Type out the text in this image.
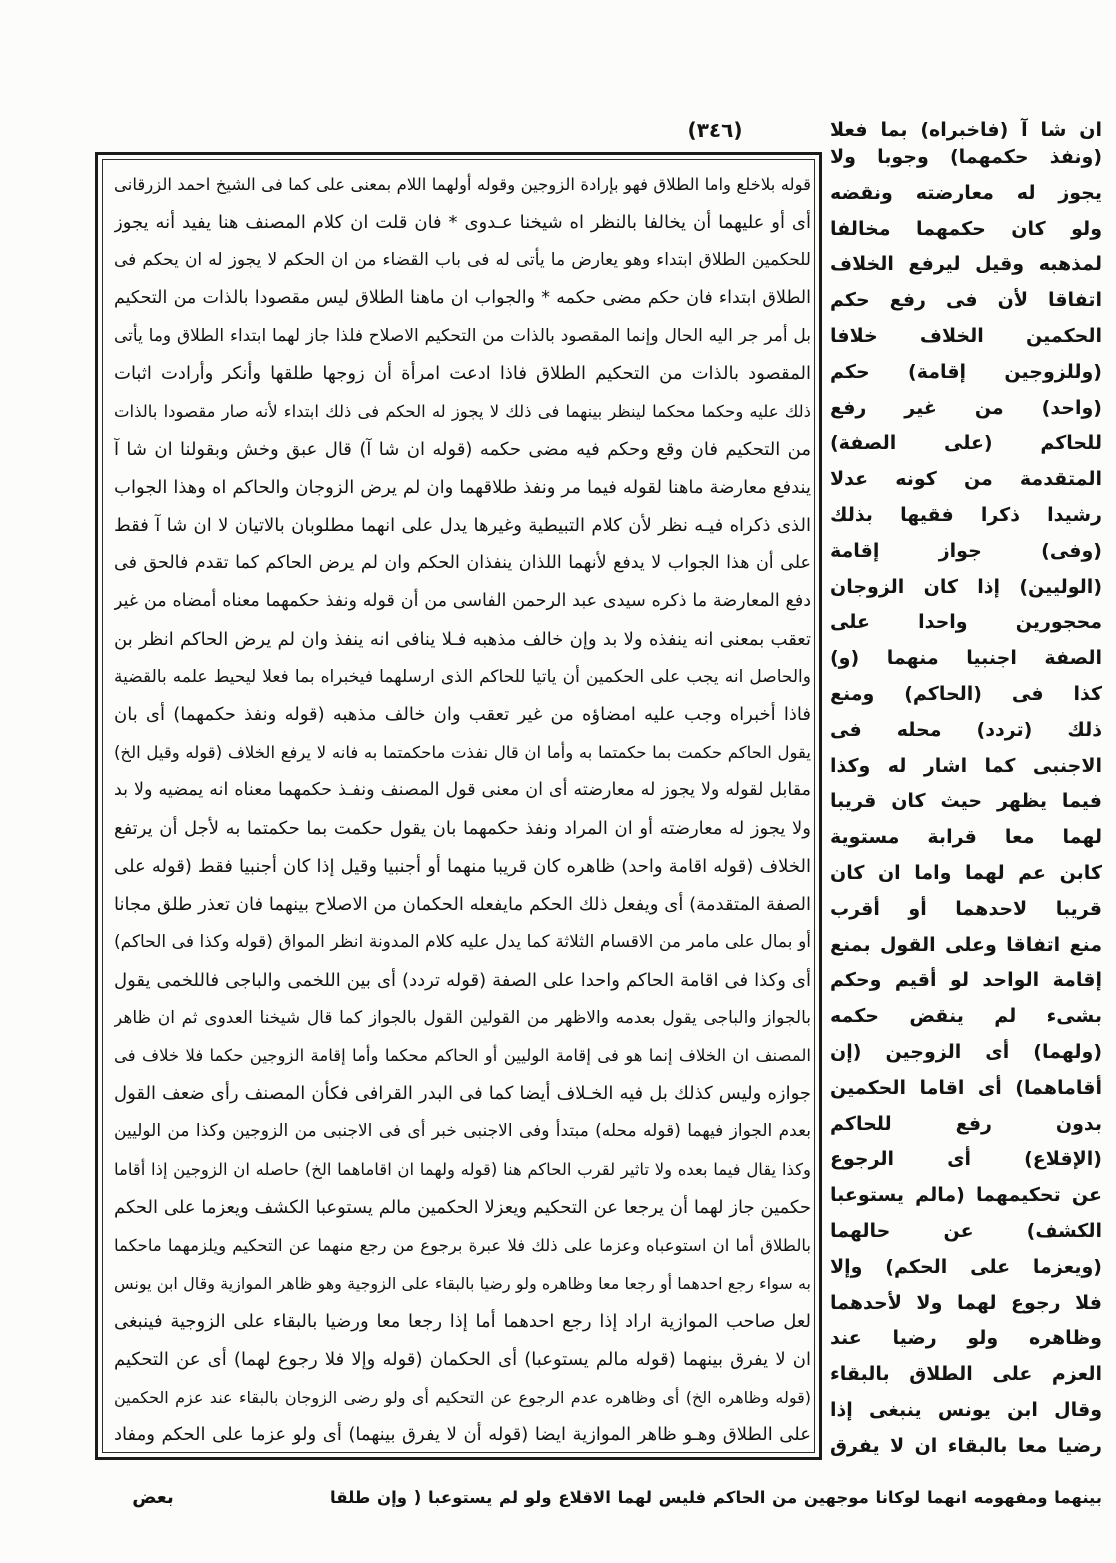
ان شا آ (فاخبراه) بما فعلا
(٣٤٦)
قوله بلاخلع واما الطلاق فهو بإرادة الزوجين وقوله أولهما اللام بمعنى على كما فى الشيخ احمد الزرقانى
أى أو عليهما أن يخالفا بالنظر اه شيخنا عـدوى * فان قلت ان كلام المصنف هنا يفيد أنه يجوز
للحكمين الطلاق ابتداء وهو يعارض ما يأتى له فى باب القضاء من ان الحكم لا يجوز له ان يحكم فى
الطلاق ابتداء فان حكم مضى حكمه * والجواب ان ماهنا الطلاق ليس مقصودا بالذات من التحكيم
بل أمر جر اليه الحال وإنما المقصود بالذات من التحكيم الاصلاح فلذا جاز لهما ابتداء الطلاق وما يأتى
المقصود بالذات من التحكيم الطلاق فاذا ادعت امرأة أن زوجها طلقها وأنكر وأرادت اثبات
ذلك عليه وحكما محكما لينظر بينهما فى ذلك لا يجوز له الحكم فى ذلك ابتداء لأنه صار مقصودا بالذات
من التحكيم فان وقع وحكم فيه مضى حكمه (قوله ان شا آ) قال عبق وخش وبقولنا ان شا آ
يندفع معارضة ماهنا لقوله فيما مر ونفذ طلاقهما وان لم يرض الزوجان والحاكم اه وهذا الجواب
الذى ذكراه فيـه نظر لأن كلام التبيطية وغيرها يدل على انهما مطلوبان بالاتيان لا ان شا آ فقط
على أن هذا الجواب لا يدفع لأنهما اللذان ينفذان الحكم وان لم يرض الحاكم كما تقدم فالحق فى
دفع المعارضة ما ذكره سيدى عبد الرحمن الفاسى من أن قوله ونفذ حكمهما معناه أمضاه من غير
تعقب بمعنى انه ينفذه ولا بد وإن خالف مذهبه فـلا ينافى انه ينفذ وان لم يرض الحاكم انظر بن
والحاصل انه يجب على الحكمين أن ياتيا للحاكم الذى ارسلهما فيخبراه بما فعلا ليحيط علمه بالقضية
فاذا أخبراه وجب عليه امضاؤه من غير تعقب وان خالف مذهبه (قوله ونفذ حكمهما) أى بان
يقول الحاكم حكمت بما حكمتما به وأما ان قال نفذت ماحكمتما به فانه لا يرفع الخلاف (قوله وقيل الخ)
مقابل لقوله ولا يجوز له معارضته أى ان معنى قول المصنف ونفـذ حكمهما معناه انه يمضيه ولا بد
ولا يجوز له معارضته أو ان المراد ونفذ حكمهما بان يقول حكمت بما حكمتما به لأجل أن يرتفع
الخلاف (قوله اقامة واحد) ظاهره كان قريبا منهما أو أجنبيا وقيل إذا كان أجنبيا فقط (قوله على
الصفة المتقدمة) أى ويفعل ذلك الحكم مايفعله الحكمان من الاصلاح بينهما فان تعذر طلق مجانا
أو بمال على مامر من الاقسام الثلاثة كما يدل عليه كلام المدونة انظر المواق (قوله وكذا فى الحاكم)
أى وكذا فى اقامة الحاكم واحدا على الصفة (قوله تردد) أى بين اللخمى والباجى فاللخمى يقول
بالجواز والباجى يقول بعدمه والاظهر من القولين القول بالجواز كما قال شيخنا العدوى ثم ان ظاهر
المصنف ان الخلاف إنما هو فى إقامة الوليين أو الحاكم محكما وأما إقامة الزوجين حكما فلا خلاف فى
جوازه وليس كذلك بل فيه الخـلاف أيضا كما فى البدر القرافى فكأن المصنف رأى ضعف القول
بعدم الجواز فيهما (قوله محله) مبتدأ وفى الاجنبى خبر أى فى الاجنبى من الزوجين وكذا من الوليين
وكذا يقال فيما بعده ولا تاثير لقرب الحاكم هنا (قوله ولهما ان اقاماهما الخ) حاصله ان الزوجين إذا أقاما
حكمين جاز لهما أن يرجعا عن التحكيم ويعزلا الحكمين مالم يستوعبا الكشف ويعزما على الحكم
بالطلاق أما ان استوعباه وعزما على ذلك فلا عبرة برجوع من رجع منهما عن التحكيم ويلزمهما ماحكما
به سواء رجع احدهما أو رجعا معا وظاهره ولو رضيا بالبقاء على الزوجية وهو ظاهر الموازية وقال ابن يونس
لعل صاحب الموازية اراد إذا رجع احدهما أما إذا رجعا معا ورضيا بالبقاء على الزوجية فينبغى
ان لا يفرق بينهما (قوله مالم يستوعبا) أى الحكمان (قوله وإلا فلا رجوع لهما) أى عن التحكيم
(قوله وظاهره الخ) أى وظاهره عدم الرجوع عن التحكيم أى ولو رضى الزوجان بالبقاء عند عزم الحكمين
على الطلاق وهـو ظاهر الموازية ايضا (قوله أن لا يفرق بينهما) أى ولو عزما على الحكم ومفاد
(ونفذ حكمهما) وجوبا ولا
يجوز له معارضته ونقضه
ولو كان حكمهما مخالفا
لمذهبه وقيل ليرفع الخلاف
اتفاقا لأن فى رفع حكم
الحكمين الخلاف خلافا
(وللزوجين إقامة) حكم
(واحد) من غير رفع
للحاكم (على الصفة)
المتقدمة من كونه عدلا
رشيدا ذكرا فقيها بذلك
(وفى) جواز إقامة
(الوليين) إذا كان الزوجان
محجورين واحدا على
الصفة اجنبيا منهما (و)
كذا فى (الحاكم) ومنع
ذلك (تردد) محله فى
الاجنبى كما اشار له وكذا
فيما يظهر حيث كان قريبا
لهما معا قرابة مستوية
كابن عم لهما واما ان كان
قريبا لاحدهما أو أقرب
منع اتفاقا وعلى القول بمنع
إقامة الواحد لو أقيم وحكم
بشىء لم ينقض حكمه
(ولهما) أى الزوجين (إن
أقاماهما) أى اقاما الحكمين
بدون رفع للحاكم
(الإقلاع) أى الرجوع
عن تحكيمهما (مالم يستوعبا
الكشف) عن حالهما
(ويعزما على الحكم) وإلا
فلا رجوع لهما ولا لأحدهما
وظاهره ولو رضيا عند
العزم على الطلاق بالبقاء
وقال ابن يونس ينبغى إذا
رضيا معا بالبقاء ان لا يفرق
بينهما ومفهومه انهما لوكانا موجهين من الحاكم فليس لهما الاقلاع ولو لم يستوعبا ( وإن طلقا
بعض
